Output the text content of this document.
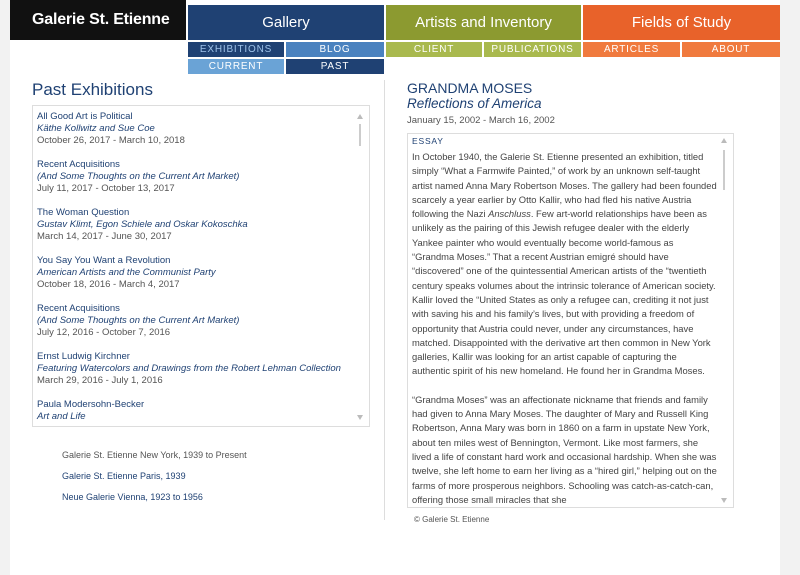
Galerie St. Etienne	Gallery	Artists and Inventory	Fields of Study
EXHIBITIONS	BLOG	CLIENT SERVICES
PUBLICATIONS	ARTICLES	ABOUT
CURRENT	PAST
Past Exhibitions
All Good Art is Political
Käthe Kollwitz and Sue Coe
October 26, 2017 - March 10, 2018
Recent Acquisitions
(And Some Thoughts on the Current Art Market)
July 11, 2017 - October 13, 2017
The Woman Question
Gustav Klimt, Egon Schiele and Oskar Kokoschka
March 14, 2017 - June 30, 2017
You Say You Want a Revolution
American Artists and the Communist Party
October 18, 2016 - March 4, 2017
Recent Acquisitions
(And Some Thoughts on the Current Art Market)
July 12, 2016 - October 7, 2016
Ernst Ludwig Kirchner
Featuring Watercolors and Drawings from the Robert Lehman Collection
March 29, 2016 - July 1, 2016
Paula Modersohn-Becker
Art and Life
Galerie St. Etienne New York, 1939 to Present
Galerie St. Etienne Paris, 1939
Neue Galerie Vienna, 1923 to 1956
GRANDMA MOSES
Reflections of America
January 15, 2002 - March 16, 2002
ESSAY

In October 1940, the Galerie St. Etienne presented an exhibition, titled simply “What a Farmwife Painted,” of work by an unknown self-taught artist named Anna Mary Robertson Moses. The gallery had been founded scarcely a year earlier by Otto Kallir, who had fled his native Austria following the Nazi Anschluss. Few art-world relationships have been as unlikely as the pairing of this Jewish refugee dealer with the elderly Yankee painter who would eventually become world-famous as “Grandma Moses.” That a recent Austrian emigré should have “discovered” one of the quintessential American artists of the “twentieth century speaks volumes about the intrinsic tolerance of American society. Kallir loved the “United States as only a refugee can, crediting it not just with saving his and his family’s lives, but with providing a freedom of opportunity that Austria could never, under any circumstances, have matched. Disappointed with the derivative art then common in New York galleries, Kallir was looking for an artist capable of capturing the authentic spirit of his new homeland. He found her in Grandma Moses.

“Grandma Moses” was an affectionate nickname that friends and family had given to Anna Mary Moses. The daughter of Mary and Russell King Robertson, Anna Mary was born in 1860 on a farm in upstate New York, about ten miles west of Bennington, Vermont. Like most farmers, she lived a life of constant hard work and occasional hardship. When she was twelve, she left home to earn her living as a “hired girl,” helping out on the farms of more prosperous neighbors. Schooling was catch-as-catch-can, offering those small miracles that she

© Galerie St. Etienne
